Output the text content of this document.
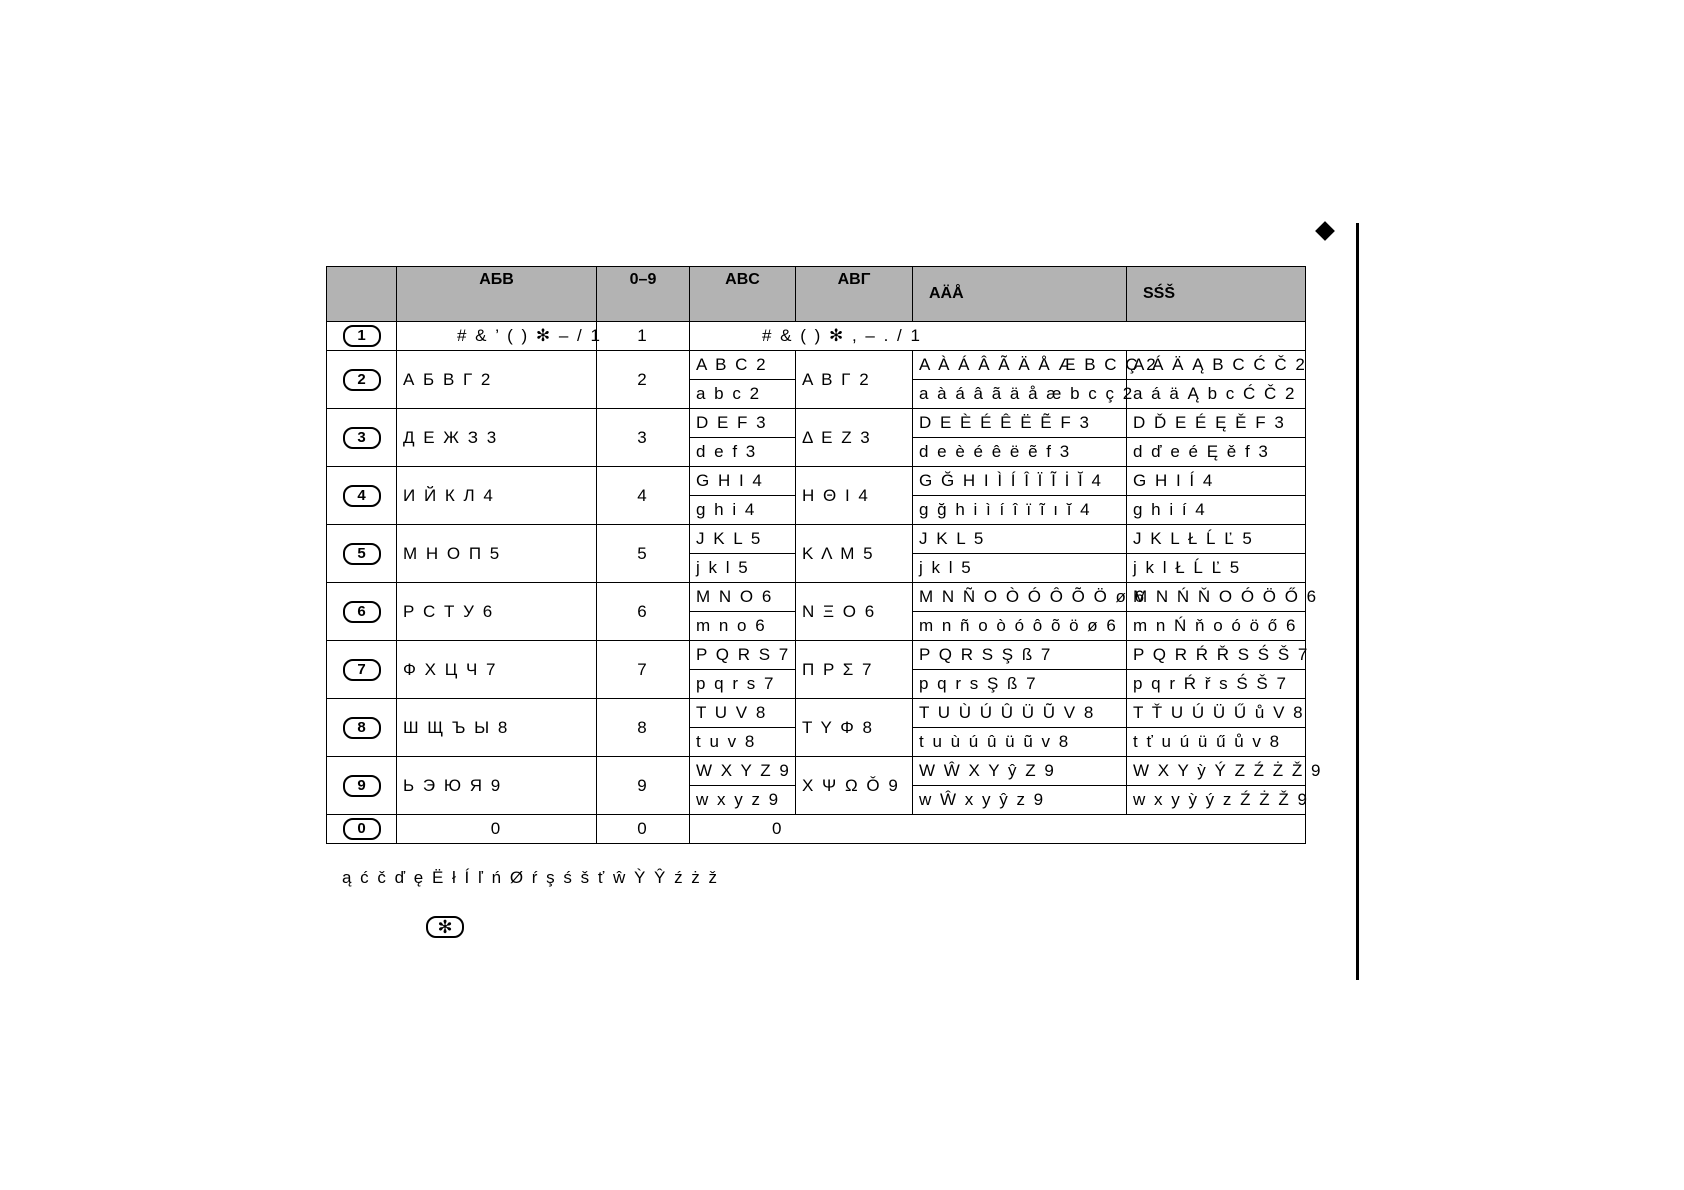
	АБВ	0–9	ABC	ΑΒΓ	AÄÅ	SŚŠ
1	# & ’ ( ) ✻ – / 1	1	# & ( ) ✻ , – . / 1			
2	А Б В Г 2	2	A B C 2	Α Β Γ 2	A À Á Â Ã Ä Å Æ B C Ç 2	A Á Ä Ą B C Ć Č 2
			a b c 2		a à á â ã ä å æ b c ç 2	a á ä Ą b c Ć Č 2
3	Д Е Ж З 3	3	D E F 3	Δ Ε Ζ 3	D E È É Ê Ë Ẽ F 3	D Ď E É Ę Ě F 3
			d e f 3		d e è é ê ë ẽ f 3	d ď e é Ę ě f 3
4	И Й К Л 4	4	G H I 4	Η Θ Ι 4	G Ğ H I Ì Í Î Ï Ĩ İ Ĭ 4	G H I Í 4
			g h i 4		g ğ h i ì í î ï ĩ ı ĭ 4	g h i í 4
5	М Н О П 5	5	J K L 5	Κ Λ Μ 5	J K L 5	J K L Ł Ĺ Ľ 5
			j k l 5		j k l 5	j k l Ł Ĺ Ľ 5
6	Р С Т У 6	6	M N O 6	Ν Ξ Ο 6	M N Ñ O Ò Ó Ô Õ Ö ø 6	M N Ń Ň O Ó Ö Ő 6
			m n o 6		m n ñ o ò ó ô õ ö ø 6	m n Ń ň o ó ö ő 6
7	Ф Х Ц Ч 7	7	P Q R S 7	Π Ρ Σ 7	P Q R S Ş ß 7	P Q R Ŕ Ř S Ś Š 7
			p q r s 7		p q r s Ş ß 7	p q r Ŕ ř s Ś Š 7
8	Ш Щ Ъ Ы 8	8	T U V 8	Τ Υ Φ 8	T U Ù Ú Û Ü Ũ V 8	T Ť U Ú Ü Ű ů V 8
			t u v 8		t u ù ú û ü ũ v 8	t ť u ú ü ű ů v 8
9	Ь Э Ю Я 9	9	W X Y Z 9	Χ Ψ Ω Ǒ 9	W Ŵ X Y ŷ Z 9	W X Y ỳ Ý Z Ź Ż Ž 9
			w x y z 9		w Ŵ x y ŷ z 9	w x y ỳ ý z Ź Ż Ž 9
0	0	0	0			
ą ć č ď ę Ë ł Í ľ ń Ø ŕ ş ś š ť ŵ Ỳ Ŷ ź ż ž
✻
